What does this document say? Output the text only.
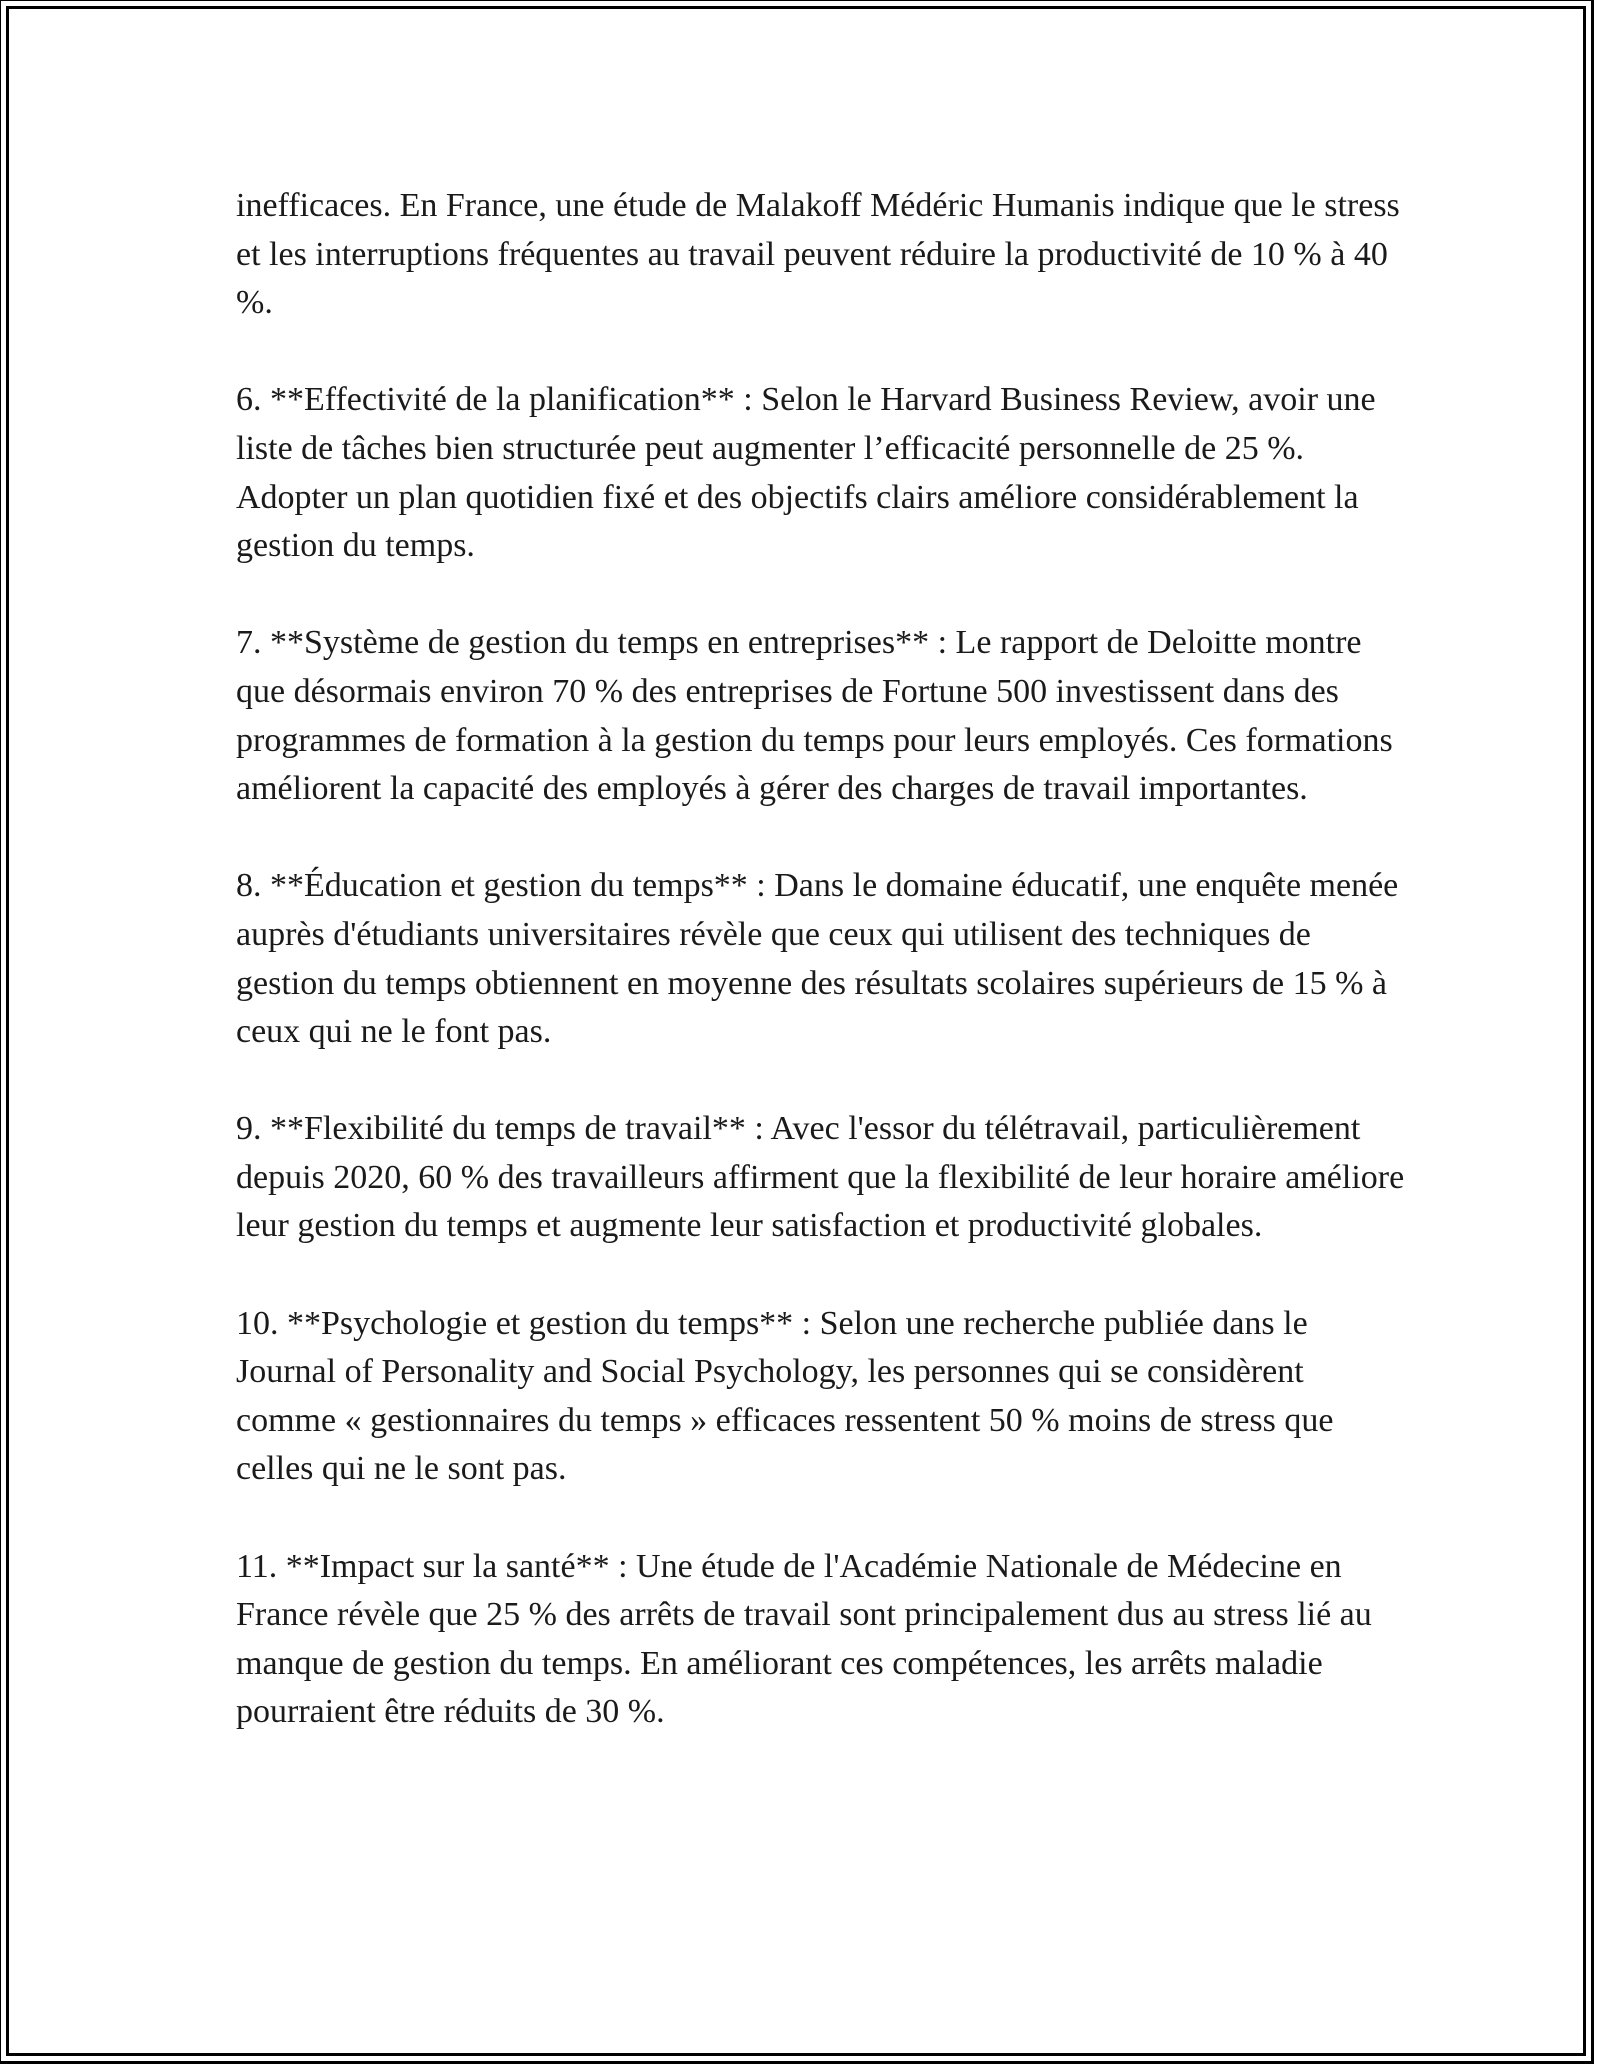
inefficaces. En France, une étude de Malakoff Médéric Humanis indique que le stress et les interruptions fréquentes au travail peuvent réduire la productivité de 10 % à 40 %.

6. **Effectivité de la planification** : Selon le Harvard Business Review, avoir une liste de tâches bien structurée peut augmenter l’efficacité personnelle de 25 %. Adopter un plan quotidien fixé et des objectifs clairs améliore considérablement la gestion du temps.

7. **Système de gestion du temps en entreprises** : Le rapport de Deloitte montre que désormais environ 70 % des entreprises de Fortune 500 investissent dans des programmes de formation à la gestion du temps pour leurs employés. Ces formations améliorent la capacité des employés à gérer des charges de travail importantes.

8. **Éducation et gestion du temps** : Dans le domaine éducatif, une enquête menée auprès d'étudiants universitaires révèle que ceux qui utilisent des techniques de gestion du temps obtiennent en moyenne des résultats scolaires supérieurs de 15 % à ceux qui ne le font pas.

9. **Flexibilité du temps de travail** : Avec l'essor du télétravail, particulièrement depuis 2020, 60 % des travailleurs affirment que la flexibilité de leur horaire améliore leur gestion du temps et augmente leur satisfaction et productivité globales.

10. **Psychologie et gestion du temps** : Selon une recherche publiée dans le Journal of Personality and Social Psychology, les personnes qui se considèrent comme « gestionnaires du temps » efficaces ressentent 50 % moins de stress que celles qui ne le sont pas.

11. **Impact sur la santé** : Une étude de l'Académie Nationale de Médecine en France révèle que 25 % des arrêts de travail sont principalement dus au stress lié au manque de gestion du temps. En améliorant ces compétences, les arrêts maladie pourraient être réduits de 30 %.
